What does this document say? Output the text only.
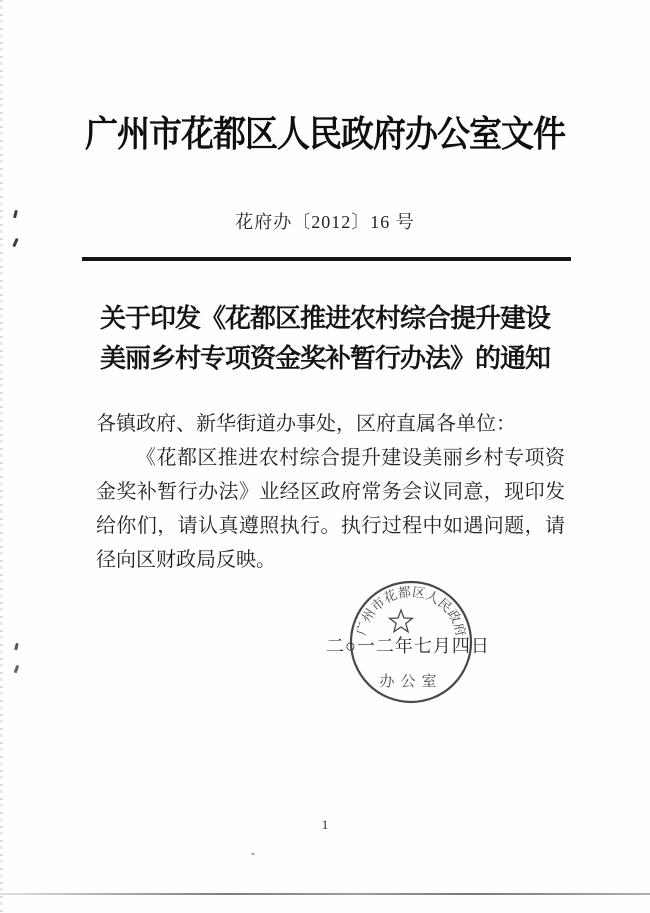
广州市花都区人民政府办公室文件
花府办〔2012〕16 号
关于印发《花都区推进农村综合提升建设
美丽乡村专项资金奖补暂行办法》的通知
各镇政府、新华街道办事处，区府直属各单位：

《花都区推进农村综合提升建设美丽乡村专项资金奖补暂行办法》业经区政府常务会议同意，现印发给你们，请认真遵照执行。执行过程中如遇问题，请径向区财政局反映。

广州市花都区人民政府
办公室
二○一二年七月四日
1
